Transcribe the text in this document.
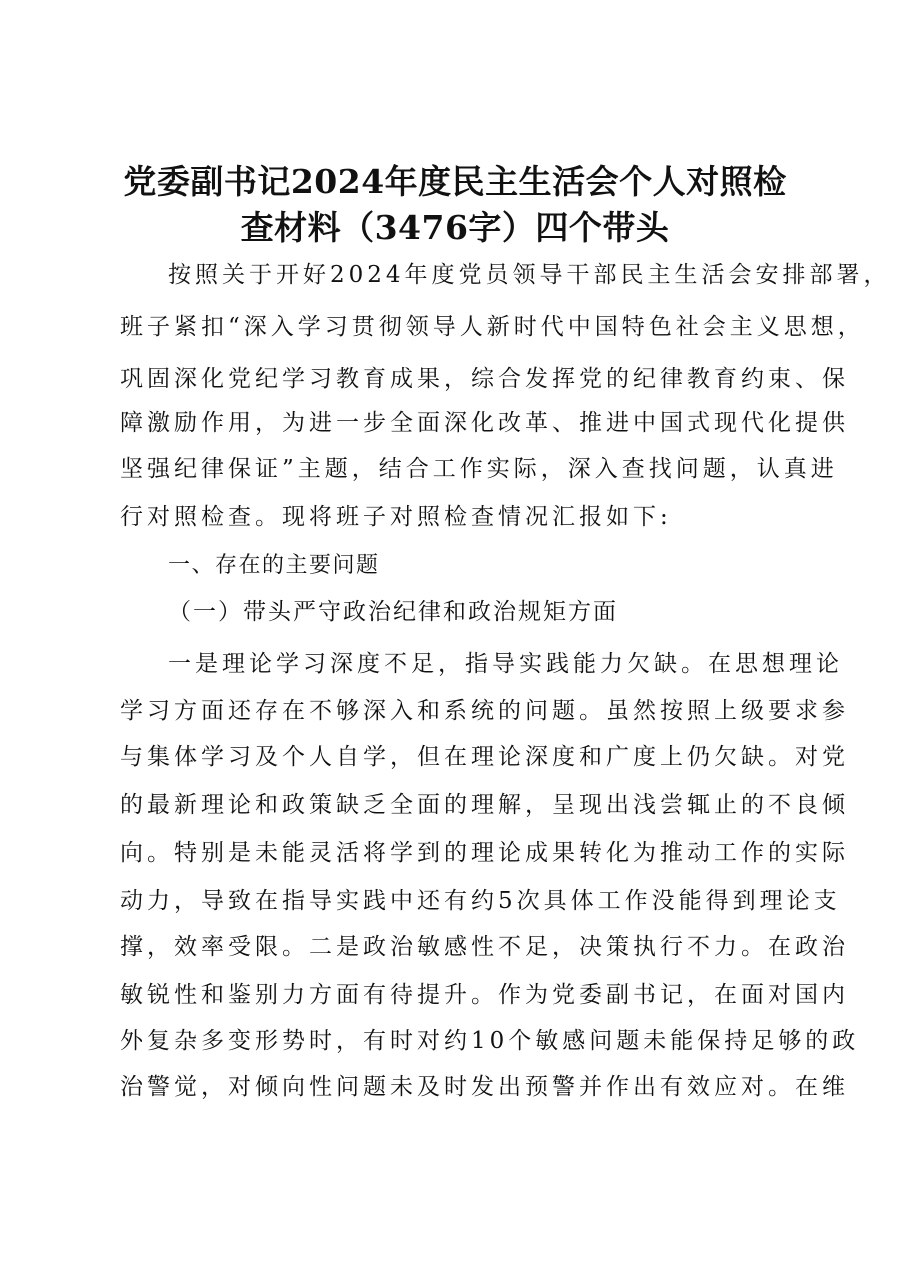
党委副书记2024年度民主生活会个人对照检
查材料（3476字）四个带头
按照关于开好2024年度党员领导干部民主生活会安排部署，
班子紧扣“深入学习贯彻领导人新时代中国特色社会主义思想，
巩固深化党纪学习教育成果，综合发挥党的纪律教育约束、保
障激励作用，为进一步全面深化改革、推进中国式现代化提供
坚强纪律保证”主题，结合工作实际，深入查找问题，认真进
行对照检查。现将班子对照检查情况汇报如下:
一、存在的主要问题
（一）带头严守政治纪律和政治规矩方面
一是理论学习深度不足，指导实践能力欠缺。在思想理论
学习方面还存在不够深入和系统的问题。虽然按照上级要求参
与集体学习及个人自学，但在理论深度和广度上仍欠缺。对党
的最新理论和政策缺乏全面的理解，呈现出浅尝辄止的不良倾
向。特别是未能灵活将学到的理论成果转化为推动工作的实际
动力，导致在指导实践中还有约5次具体工作没能得到理论支
撑，效率受限。二是政治敏感性不足，决策执行不力。在政治
敏锐性和鉴别力方面有待提升。作为党委副书记，在面对国内
外复杂多变形势时，有时对约10个敏感问题未能保持足够的政
治警觉，对倾向性问题未及时发出预警并作出有效应对。在维
